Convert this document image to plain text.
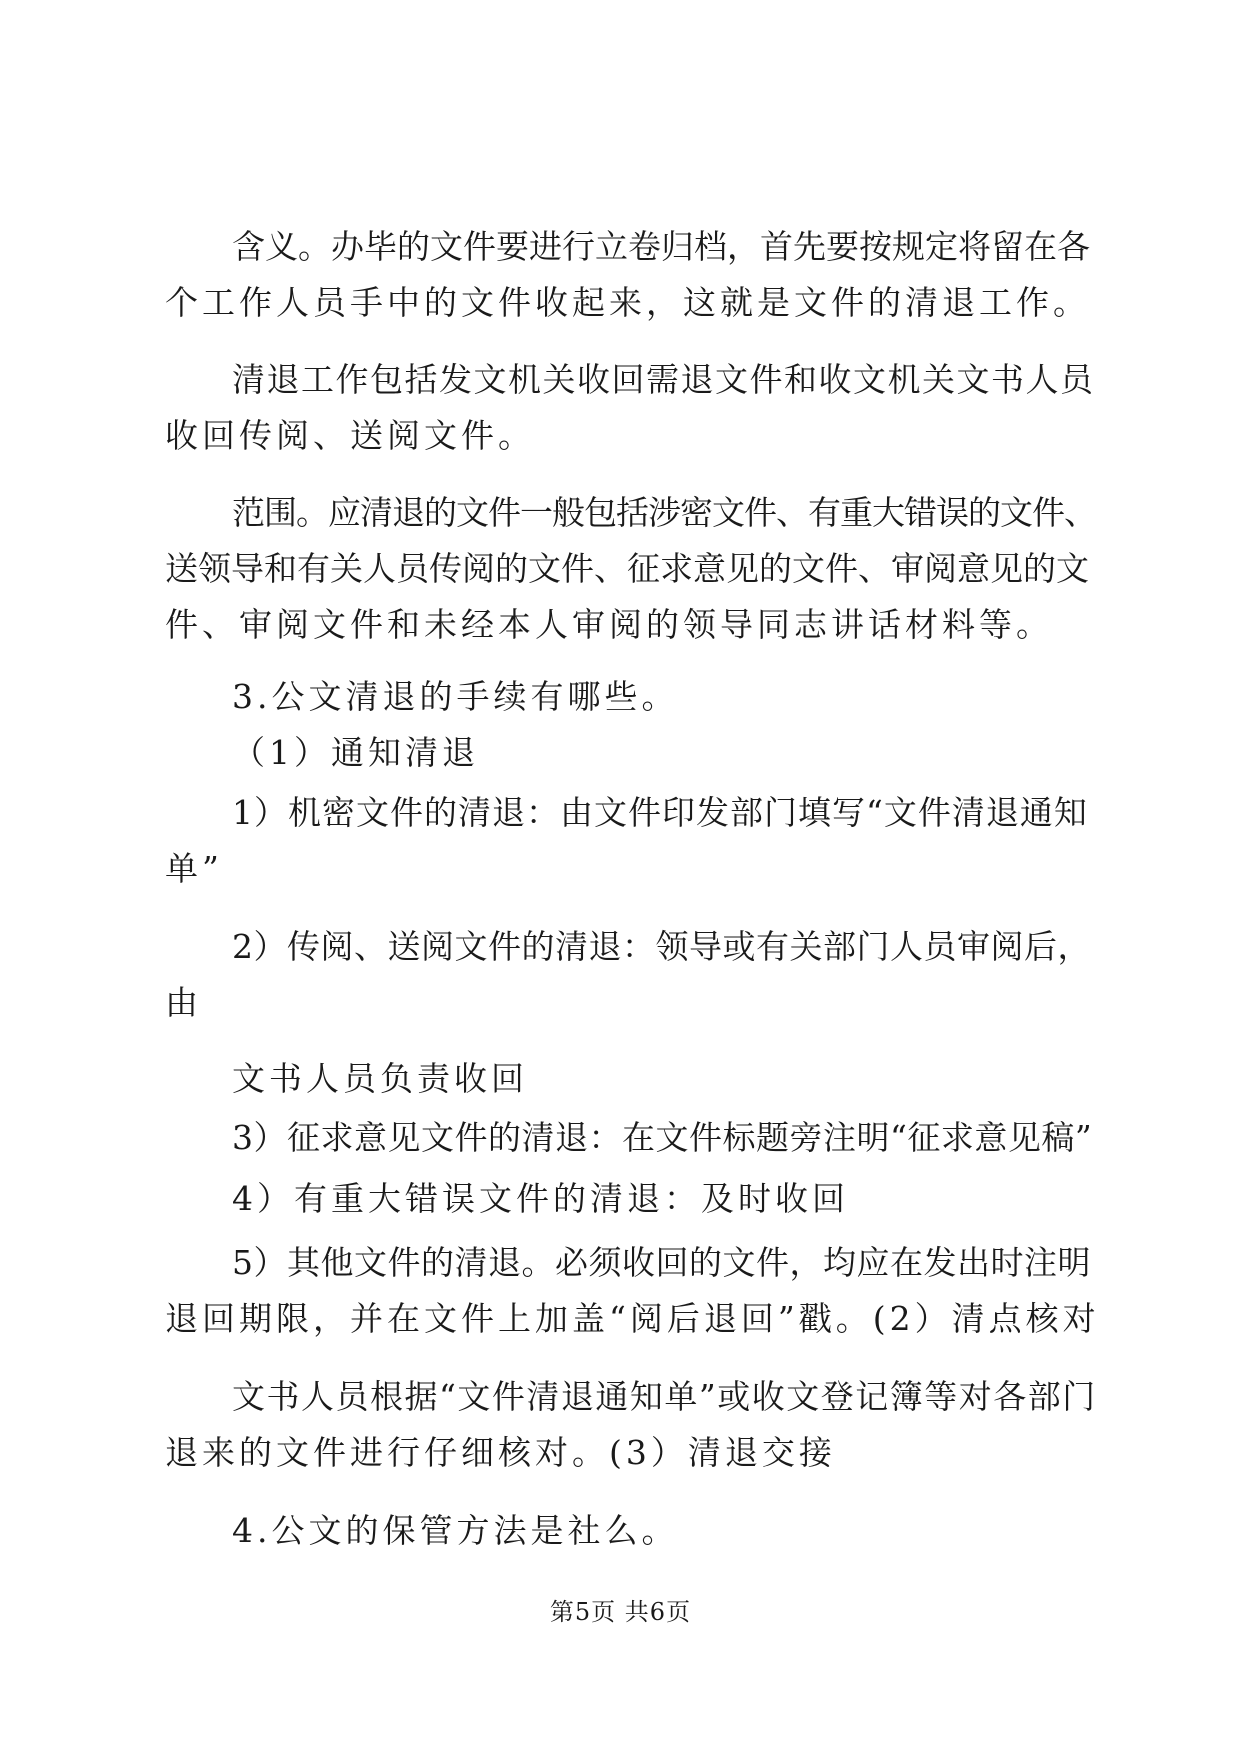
含义。办毕的文件要进行立卷归档，首先要按规定将留在各
个工作人员手中的文件收起来，这就是文件的清退工作。
清退工作包括发文机关收回需退文件和收文机关文书人员
收回传阅、送阅文件。
范围。应清退的文件一般包括涉密文件、有重大错误的文件、
送领导和有关人员传阅的文件、征求意见的文件、审阅意见的文
件、审阅文件和未经本人审阅的领导同志讲话材料等。
3.公文清退的手续有哪些。
（1）通知清退
1）机密文件的清退：由文件印发部门填写“文件清退通知
单”
2）传阅、送阅文件的清退：领导或有关部门人员审阅后，
由
文书人员负责收回
3）征求意见文件的清退：在文件标题旁注明“征求意见稿”
4）有重大错误文件的清退：及时收回
5）其他文件的清退。必须收回的文件，均应在发出时注明
退回期限，并在文件上加盖“阅后退回”戳。(2）清点核对
文书人员根据“文件清退通知单”或收文登记簿等对各部门
退来的文件进行仔细核对。(3）清退交接
4.公文的保管方法是社么。
第5页 共6页
